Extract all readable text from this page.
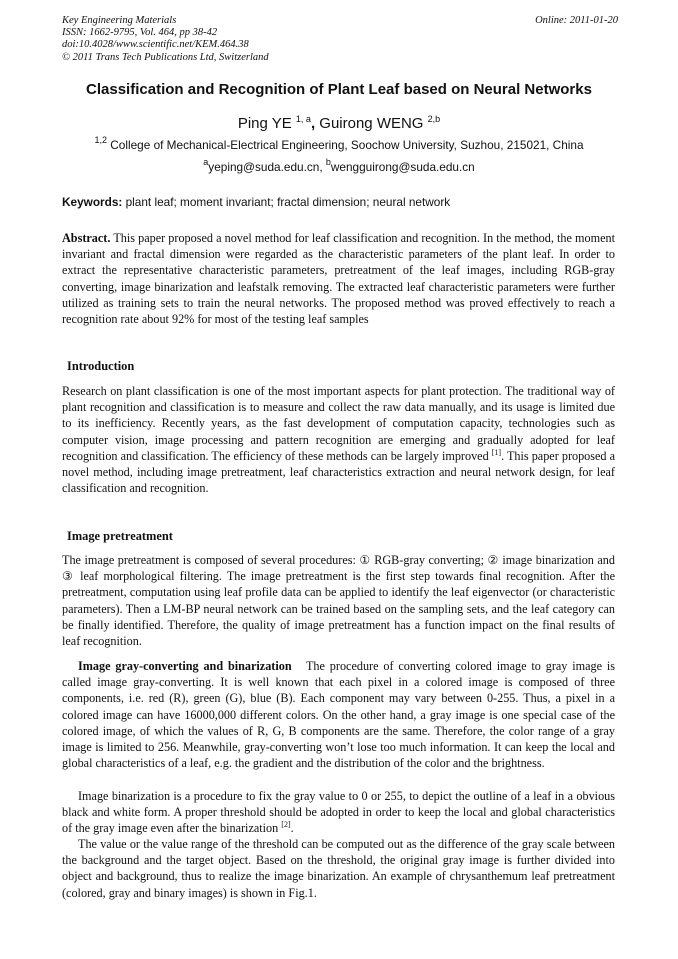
Key Engineering Materials
ISSN: 1662-9795, Vol. 464, pp 38-42
doi:10.4028/www.scientific.net/KEM.464.38
© 2011 Trans Tech Publications Ltd, Switzerland
Online: 2011-01-20
Classification and Recognition of Plant Leaf based on Neural Networks
Ping YE $^{1, a}$, Guirong WENG $^{2,b}$
$^{1,2}$ College of Mechanical-Electrical Engineering, Soochow University, Suzhou, 215021, China
$^a$yeping@suda.edu.cn, $^b$wengguirong@suda.edu.cn
Keywords: plant leaf; moment invariant; fractal dimension; neural network
Abstract. This paper proposed a novel method for leaf classification and recognition. In the method, the moment invariant and fractal dimension were regarded as the characteristic parameters of the plant leaf. In order to extract the representative characteristic parameters, pretreatment of the leaf images, including RGB-gray converting, image binarization and leafstalk removing. The extracted leaf characteristic parameters were further utilized as training sets to train the neural networks. The proposed method was proved effectively to reach a recognition rate about 92% for most of the testing leaf samples
Introduction
Research on plant classification is one of the most important aspects for plant protection. The traditional way of plant recognition and classification is to measure and collect the raw data manually, and its usage is limited due to its inefficiency. Recently years, as the fast development of computation capacity, technologies such as computer vision, image processing and pattern recognition are emerging and gradually adopted for leaf recognition and classification. The efficiency of these methods can be largely improved [1]. This paper proposed a novel method, including image pretreatment, leaf characteristics extraction and neural network design, for leaf classification and recognition.
Image pretreatment
The image pretreatment is composed of several procedures: ① RGB-gray converting; ② image binarization and ③ leaf morphological filtering. The image pretreatment is the first step towards final recognition. After the pretreatment, computation using leaf profile data can be applied to identify the leaf eigenvector (or characteristic parameters). Then a LM-BP neural network can be trained based on the sampling sets, and the leaf category can be finally identified. Therefore, the quality of image pretreatment has a function impact on the final results of leaf recognition.
Image gray-converting and binarization The procedure of converting colored image to gray image is called image gray-converting. It is well known that each pixel in a colored image is composed of three components, i.e. red (R), green (G), blue (B). Each component may vary between 0-255. Thus, a pixel in a colored image can have 16000,000 different colors. On the other hand, a gray image is one special case of the colored image, of which the values of R, G, B components are the same. Therefore, the color range of a gray image is limited to 256. Meanwhile, gray-converting won’t lose too much information. It can keep the local and global characteristics of a leaf, e.g. the gradient and the distribution of the color and the brightness.
Image binarization is a procedure to fix the gray value to 0 or 255, to depict the outline of a leaf in a obvious black and white form. A proper threshold should be adopted in order to keep the local and global characteristics of the gray image even after the binarization [2].
The value or the value range of the threshold can be computed out as the difference of the gray scale between the background and the target object. Based on the threshold, the original gray image is further divided into object and background, thus to realize the image binarization. An example of chrysanthemum leaf pretreatment (colored, gray and binary images) is shown in Fig.1.
